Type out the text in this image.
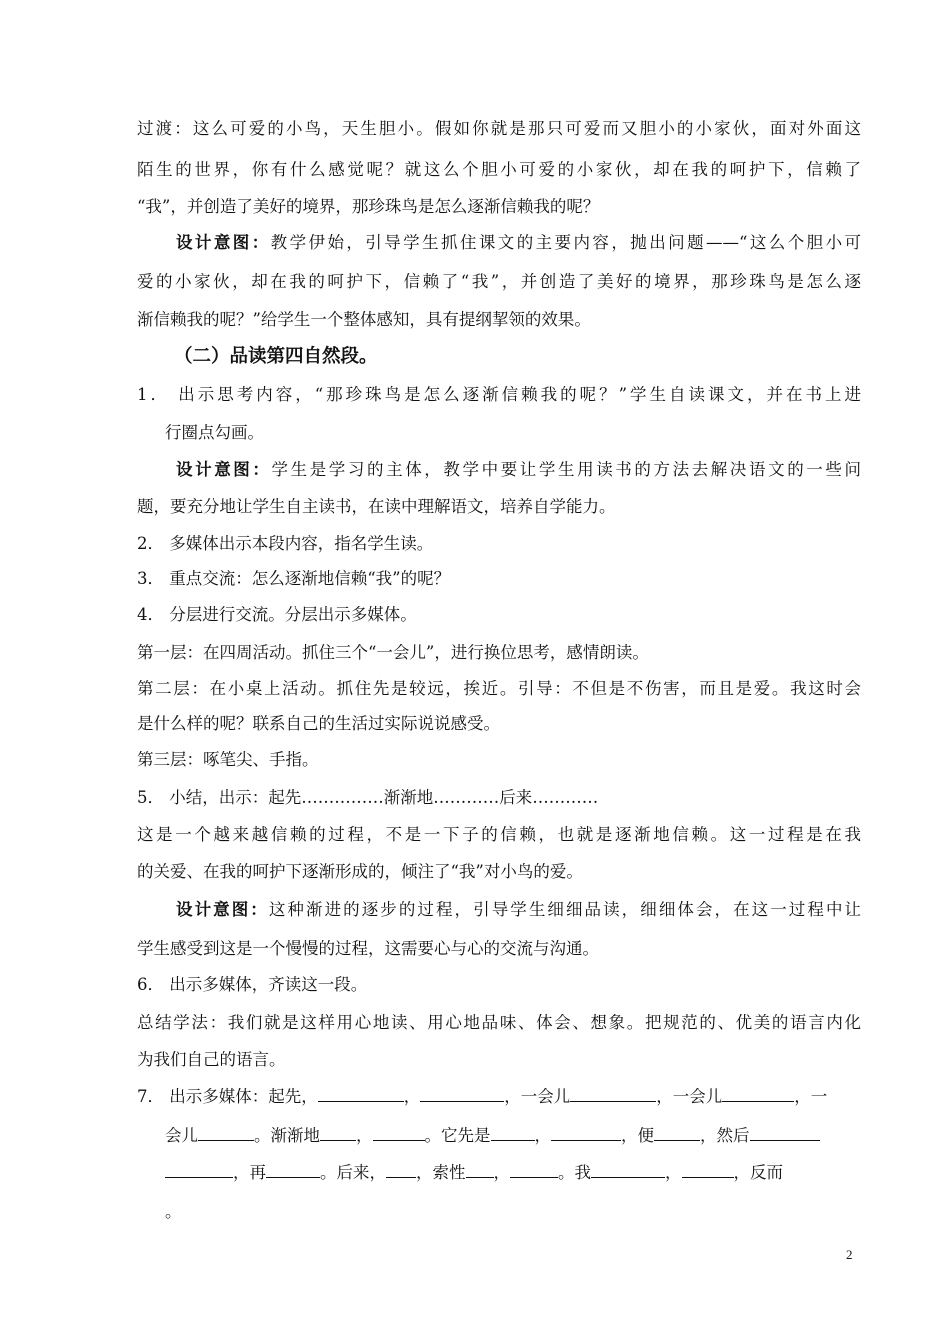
过渡：这么可爱的小鸟，天生胆小。假如你就是那只可爱而又胆小的小家伙，面对外面这
陌生的世界，你有什么感觉呢？就这么个胆小可爱的小家伙，却在我的呵护下，信赖了
“我”，并创造了美好的境界，那珍珠鸟是怎么逐渐信赖我的呢？
设计意图：教学伊始，引导学生抓住课文的主要内容，抛出问题——“这么个胆小可
爱的小家伙，却在我的呵护下，信赖了“我”，并创造了美好的境界，那珍珠鸟是怎么逐
渐信赖我的呢？”给学生一个整体感知，具有提纲挈领的效果。
（二）品读第四自然段。
1． 出示思考内容，“那珍珠鸟是怎么逐渐信赖我的呢？”学生自读课文，并在书上进
行圈点勾画。
设计意图：学生是学习的主体，教学中要让学生用读书的方法去解决语文的一些问
题，要充分地让学生自主读书，在读中理解语文，培养自学能力。
2． 多媒体出示本段内容，指名学生读。
3． 重点交流：怎么逐渐地信赖“我”的呢？
4． 分层进行交流。分层出示多媒体。
第一层：在四周活动。抓住三个“一会儿”，进行换位思考，感情朗读。
第二层：在小桌上活动。抓住先是较远，挨近。引导：不但是不伤害，而且是爱。我这时会
是什么样的呢？联系自己的生活过实际说说感受。
第三层：啄笔尖、手指。
5． 小结，出示：起先……………渐渐地…………后来…………
这是一个越来越信赖的过程，不是一下子的信赖，也就是逐渐地信赖。这一过程是在我
的关爱、在我的呵护下逐渐形成的，倾注了“我”对小鸟的爱。
设计意图：这种渐进的逐步的过程，引导学生细细品读，细细体会，在这一过程中让
学生感受到这是一个慢慢的过程，这需要心与心的交流与沟通。
6． 出示多媒体，齐读这一段。
总结学法：我们就是这样用心地读、用心地品味、体会、想象。把规范的、优美的语言内化
为我们自己的语言。
7． 出示多媒体：起先，	，	，一会儿	，一会儿	，一
会儿	。渐渐地 ，	。它先是	，	，便	，然后
，再	。后来， ，索性 ，	。我	，	，反而
。
2
